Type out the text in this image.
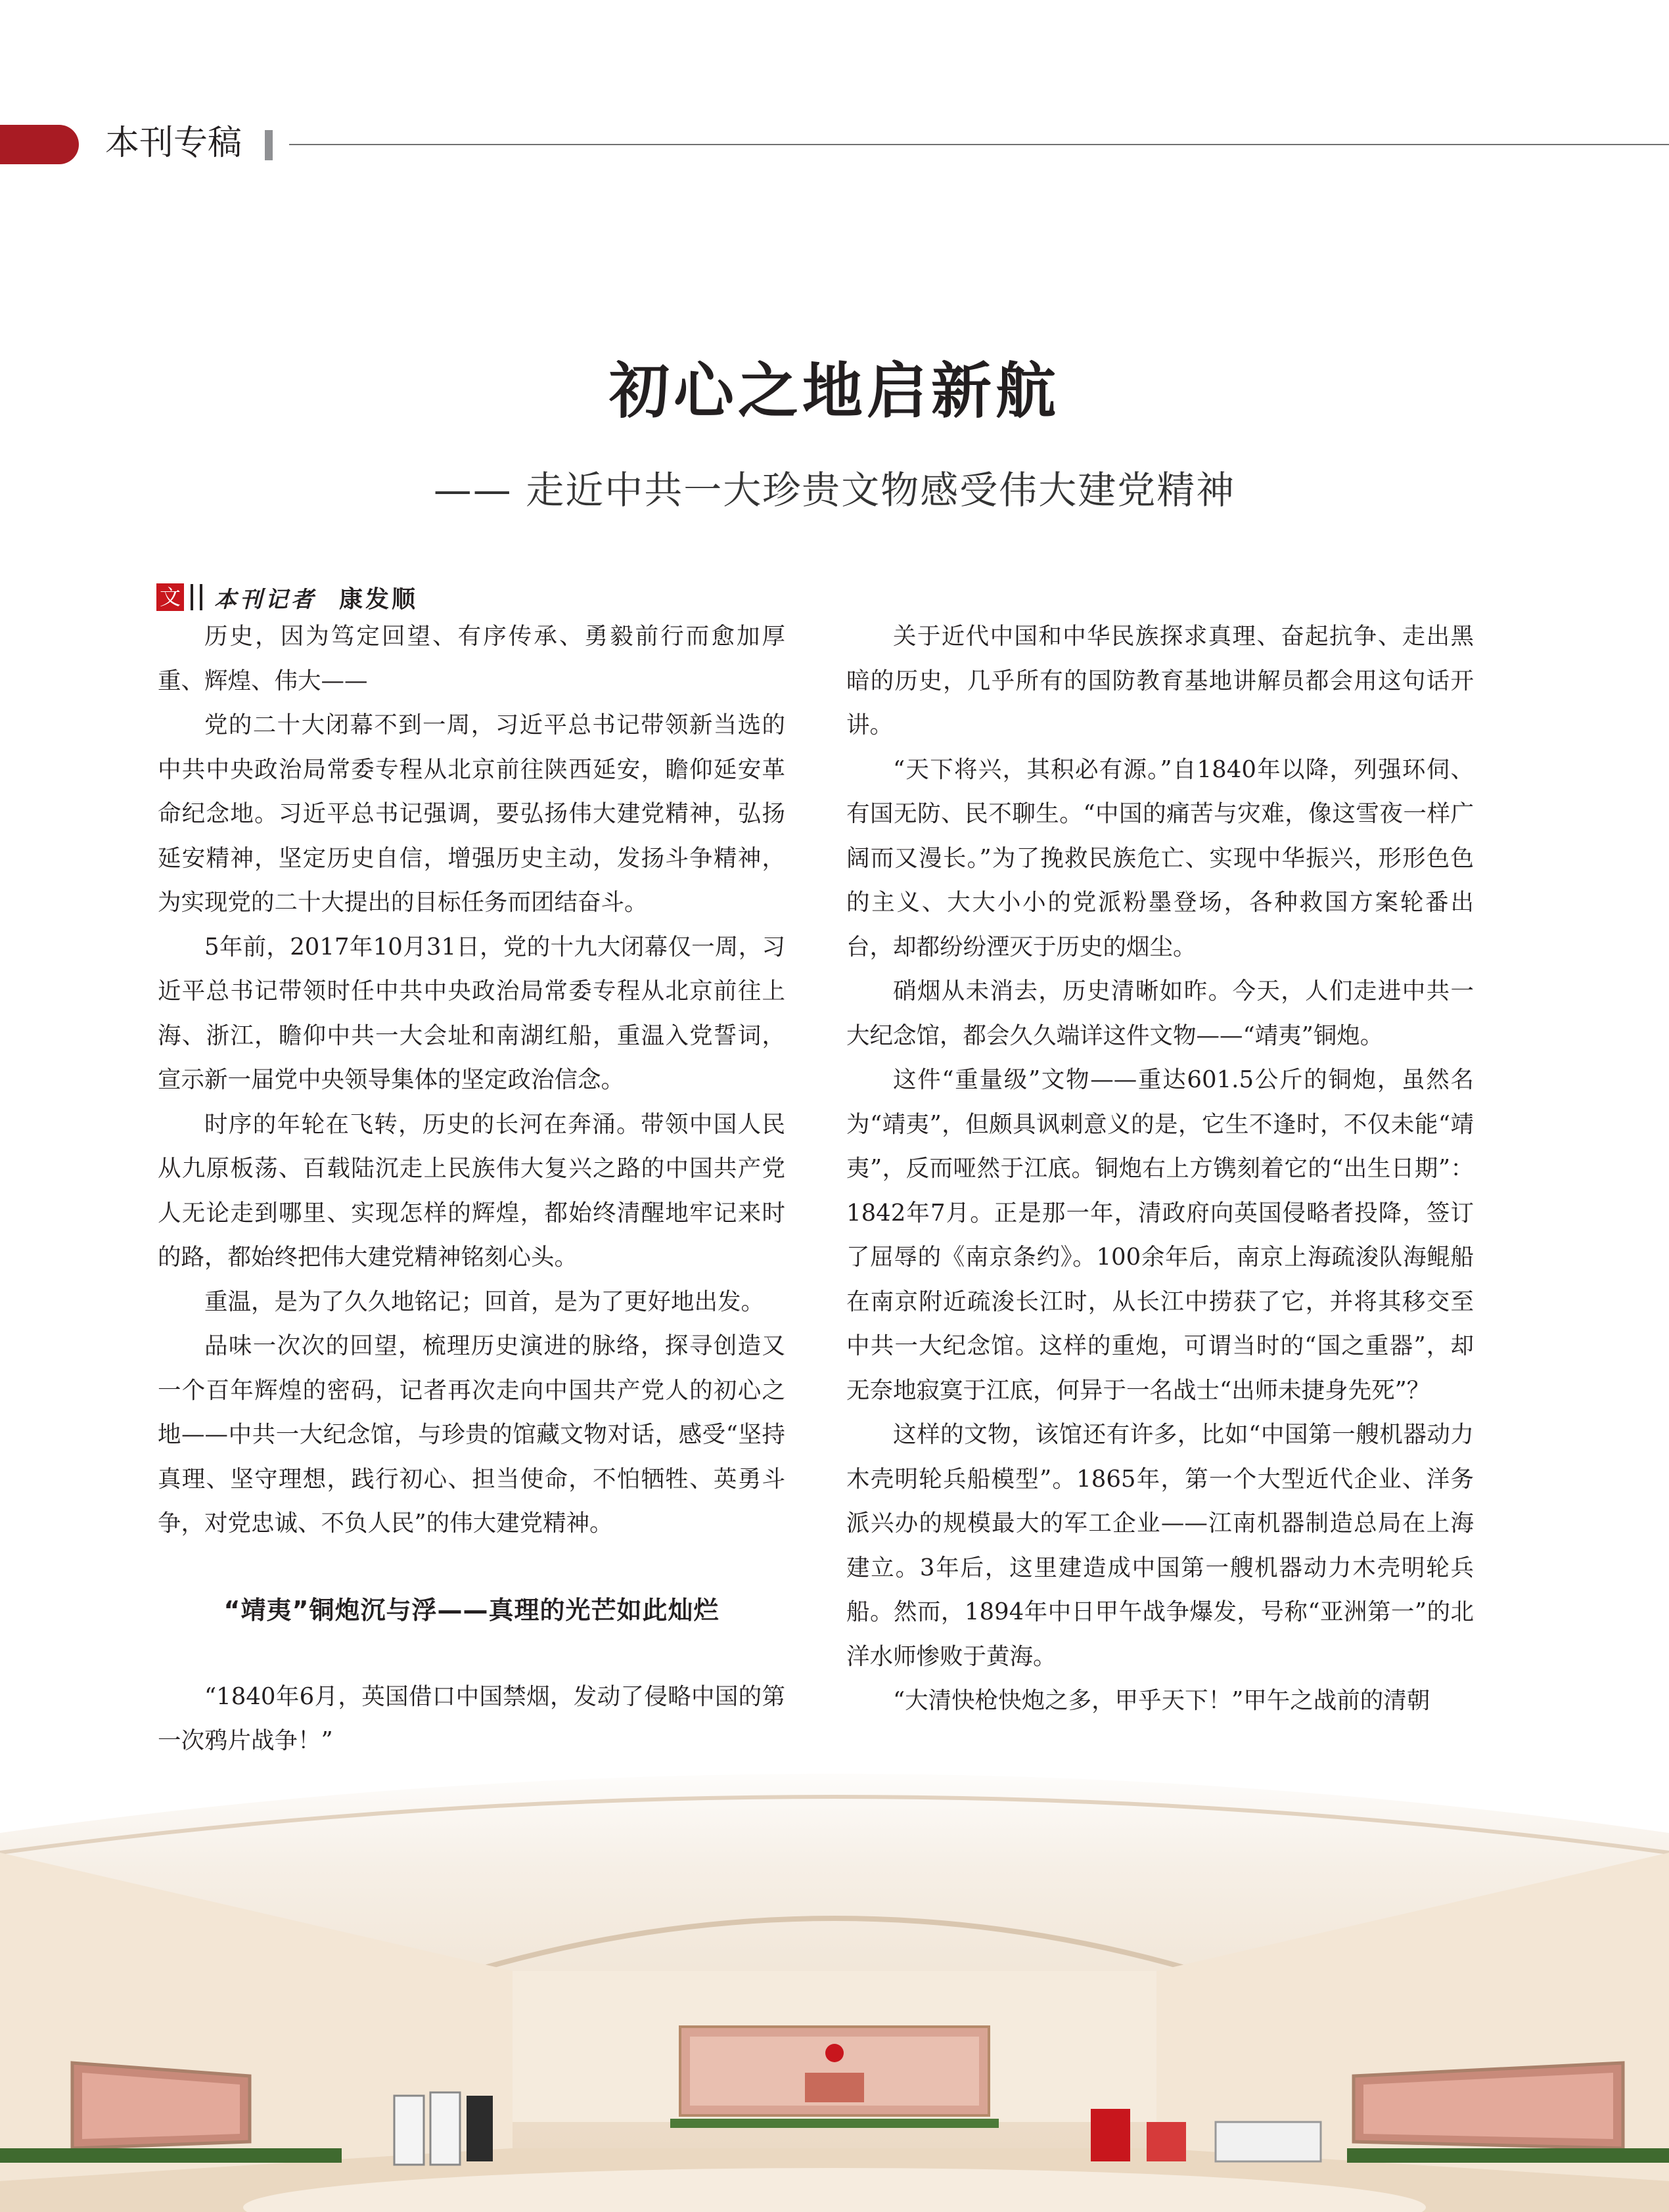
本刊专稿
初心之地启新航
—— 走近中共一大珍贵文物感受伟大建党精神
文 本刊记者 康发顺

历史，因为笃定回望、有序传承、勇毅前行而愈加厚重、辉煌、伟大——

党的二十大闭幕不到一周，习近平总书记带领新当选的中共中央政治局常委专程从北京前往陕西延安，瞻仰延安革命纪念地。习近平总书记强调，要弘扬伟大建党精神，弘扬延安精神，坚定历史自信，增强历史主动，发扬斗争精神，为实现党的二十大提出的目标任务而团结奋斗。

5年前，2017年10月31日，党的十九大闭幕仅一周，习近平总书记带领时任中共中央政治局常委专程从北京前往上海、浙江，瞻仰中共一大会址和南湖红船，重温入党誓词，宣示新一届党中央领导集体的坚定政治信念。

时序的年轮在飞转，历史的长河在奔涌。带领中国人民从九原板荡、百载陆沉走上民族伟大复兴之路的中国共产党人无论走到哪里、实现怎样的辉煌，都始终清醒地牢记来时的路，都始终把伟大建党精神铭刻心头。

重温，是为了久久地铭记；回首，是为了更好地出发。

品味一次次的回望，梳理历史演进的脉络，探寻创造又一个百年辉煌的密码，记者再次走向中国共产党人的初心之地——中共一大纪念馆，与珍贵的馆藏文物对话，感受“坚持真理、坚守理想，践行初心、担当使命，不怕牺牲、英勇斗争，对党忠诚、不负人民”的伟大建党精神。

“靖夷”铜炮沉与浮——真理的光芒如此灿烂

“1840年6月，英国借口中国禁烟，发动了侵略中国的第一次鸦片战争！”

关于近代中国和中华民族探求真理、奋起抗争、走出黑暗的历史，几乎所有的国防教育基地讲解员都会用这句话开讲。

“天下将兴，其积必有源。”自1840年以降，列强环伺、有国无防、民不聊生。“中国的痛苦与灾难，像这雪夜一样广阔而又漫长。”为了挽救民族危亡、实现中华振兴，形形色色的主义、大大小小的党派粉墨登场，各种救国方案轮番出台，却都纷纷湮灭于历史的烟尘。

硝烟从未消去，历史清晰如昨。今天，人们走进中共一大纪念馆，都会久久端详这件文物——“靖夷”铜炮。

这件“重量级”文物——重达601.5公斤的铜炮，虽然名为“靖夷”，但颇具讽刺意义的是，它生不逢时，不仅未能“靖夷”，反而哑然于江底。铜炮右上方镌刻着它的“出生日期”：1842年7月。正是那一年，清政府向英国侵略者投降，签订了屈辱的《南京条约》。100余年后，南京上海疏浚队海鲲船在南京附近疏浚长江时，从长江中捞获了它，并将其移交至中共一大纪念馆。这样的重炮，可谓当时的“国之重器”，却无奈地寂寞于江底，何异于一名战士“出师未捷身先死”？

这样的文物，该馆还有许多，比如“中国第一艘机器动力木壳明轮兵船模型”。1865年，第一个大型近代企业、洋务派兴办的规模最大的军工企业——江南机器制造总局在上海建立。3年后，这里建造成中国第一艘机器动力木壳明轮兵船。然而，1894年中日甲午战争爆发，号称“亚洲第一”的北洋水师惨败于黄海。

“大清快枪快炮之多，甲乎天下！”甲午之战前的清朝
